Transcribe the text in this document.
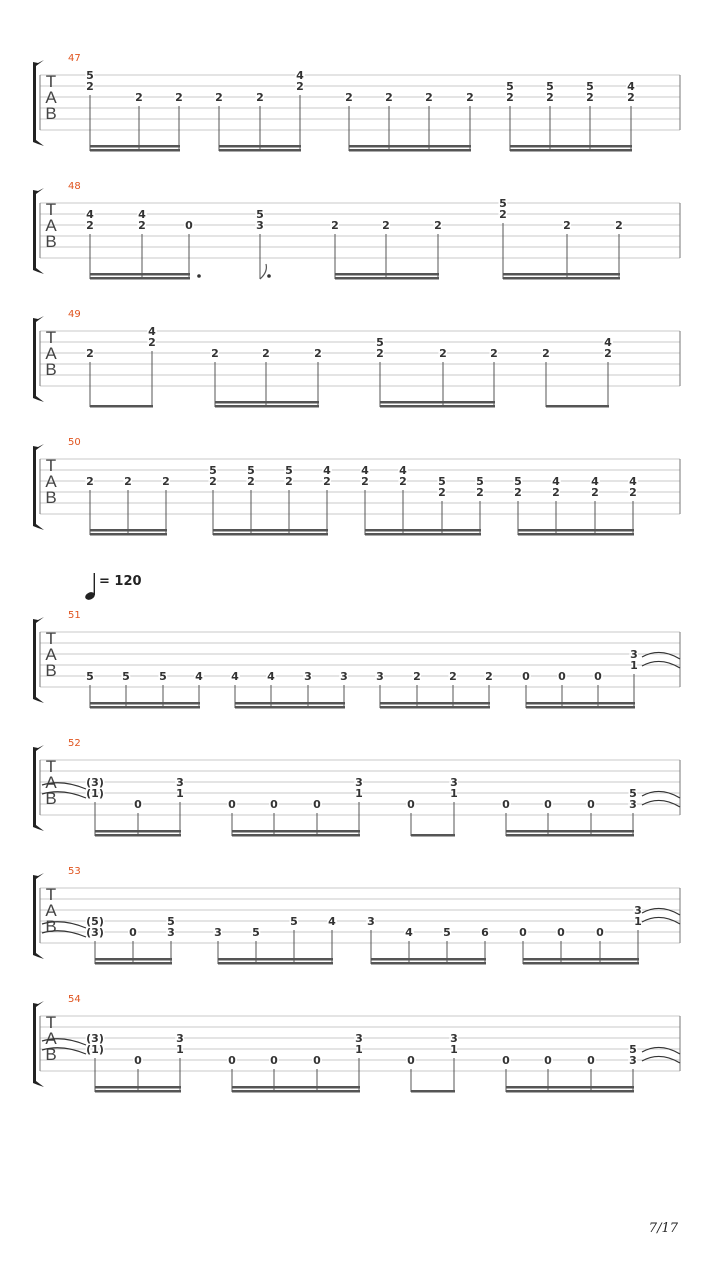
T
A
B
47
5
2
2	2	2	2
4
2
2	2	2	2
5
2
5
2
5
2
4
2
T
A
B
48
4
2
4
2	0
5
3	2	2	2
5
2
2	2
T
A
B
49
2
4
2
2	2	2
5
2	2	2	2
4
2
T
A
B
50
2	2	2
5
2
5
2
5
2
4
2
4
2
4
2	5
2
5
2
5
2
4
2
4
2
4
2
T
A
B
51
5	5	5	4	4	4	3	3	3	2	2	2	0	0	0
3
1
T
A
B
52
(3)
(1)
0
3
1
0	0	0
3
1
0
3
1
0	0	0
5
3
T
A
B
53
(5)
(3) 0
5
3	3	5
5	4	3
4	5	6	0	0	0
3
1
T
A
B
54
(3)
(1)
0
3
1
0	0	0
3
1
0
3
1
0	0	0
5
3
= 120
7/17
